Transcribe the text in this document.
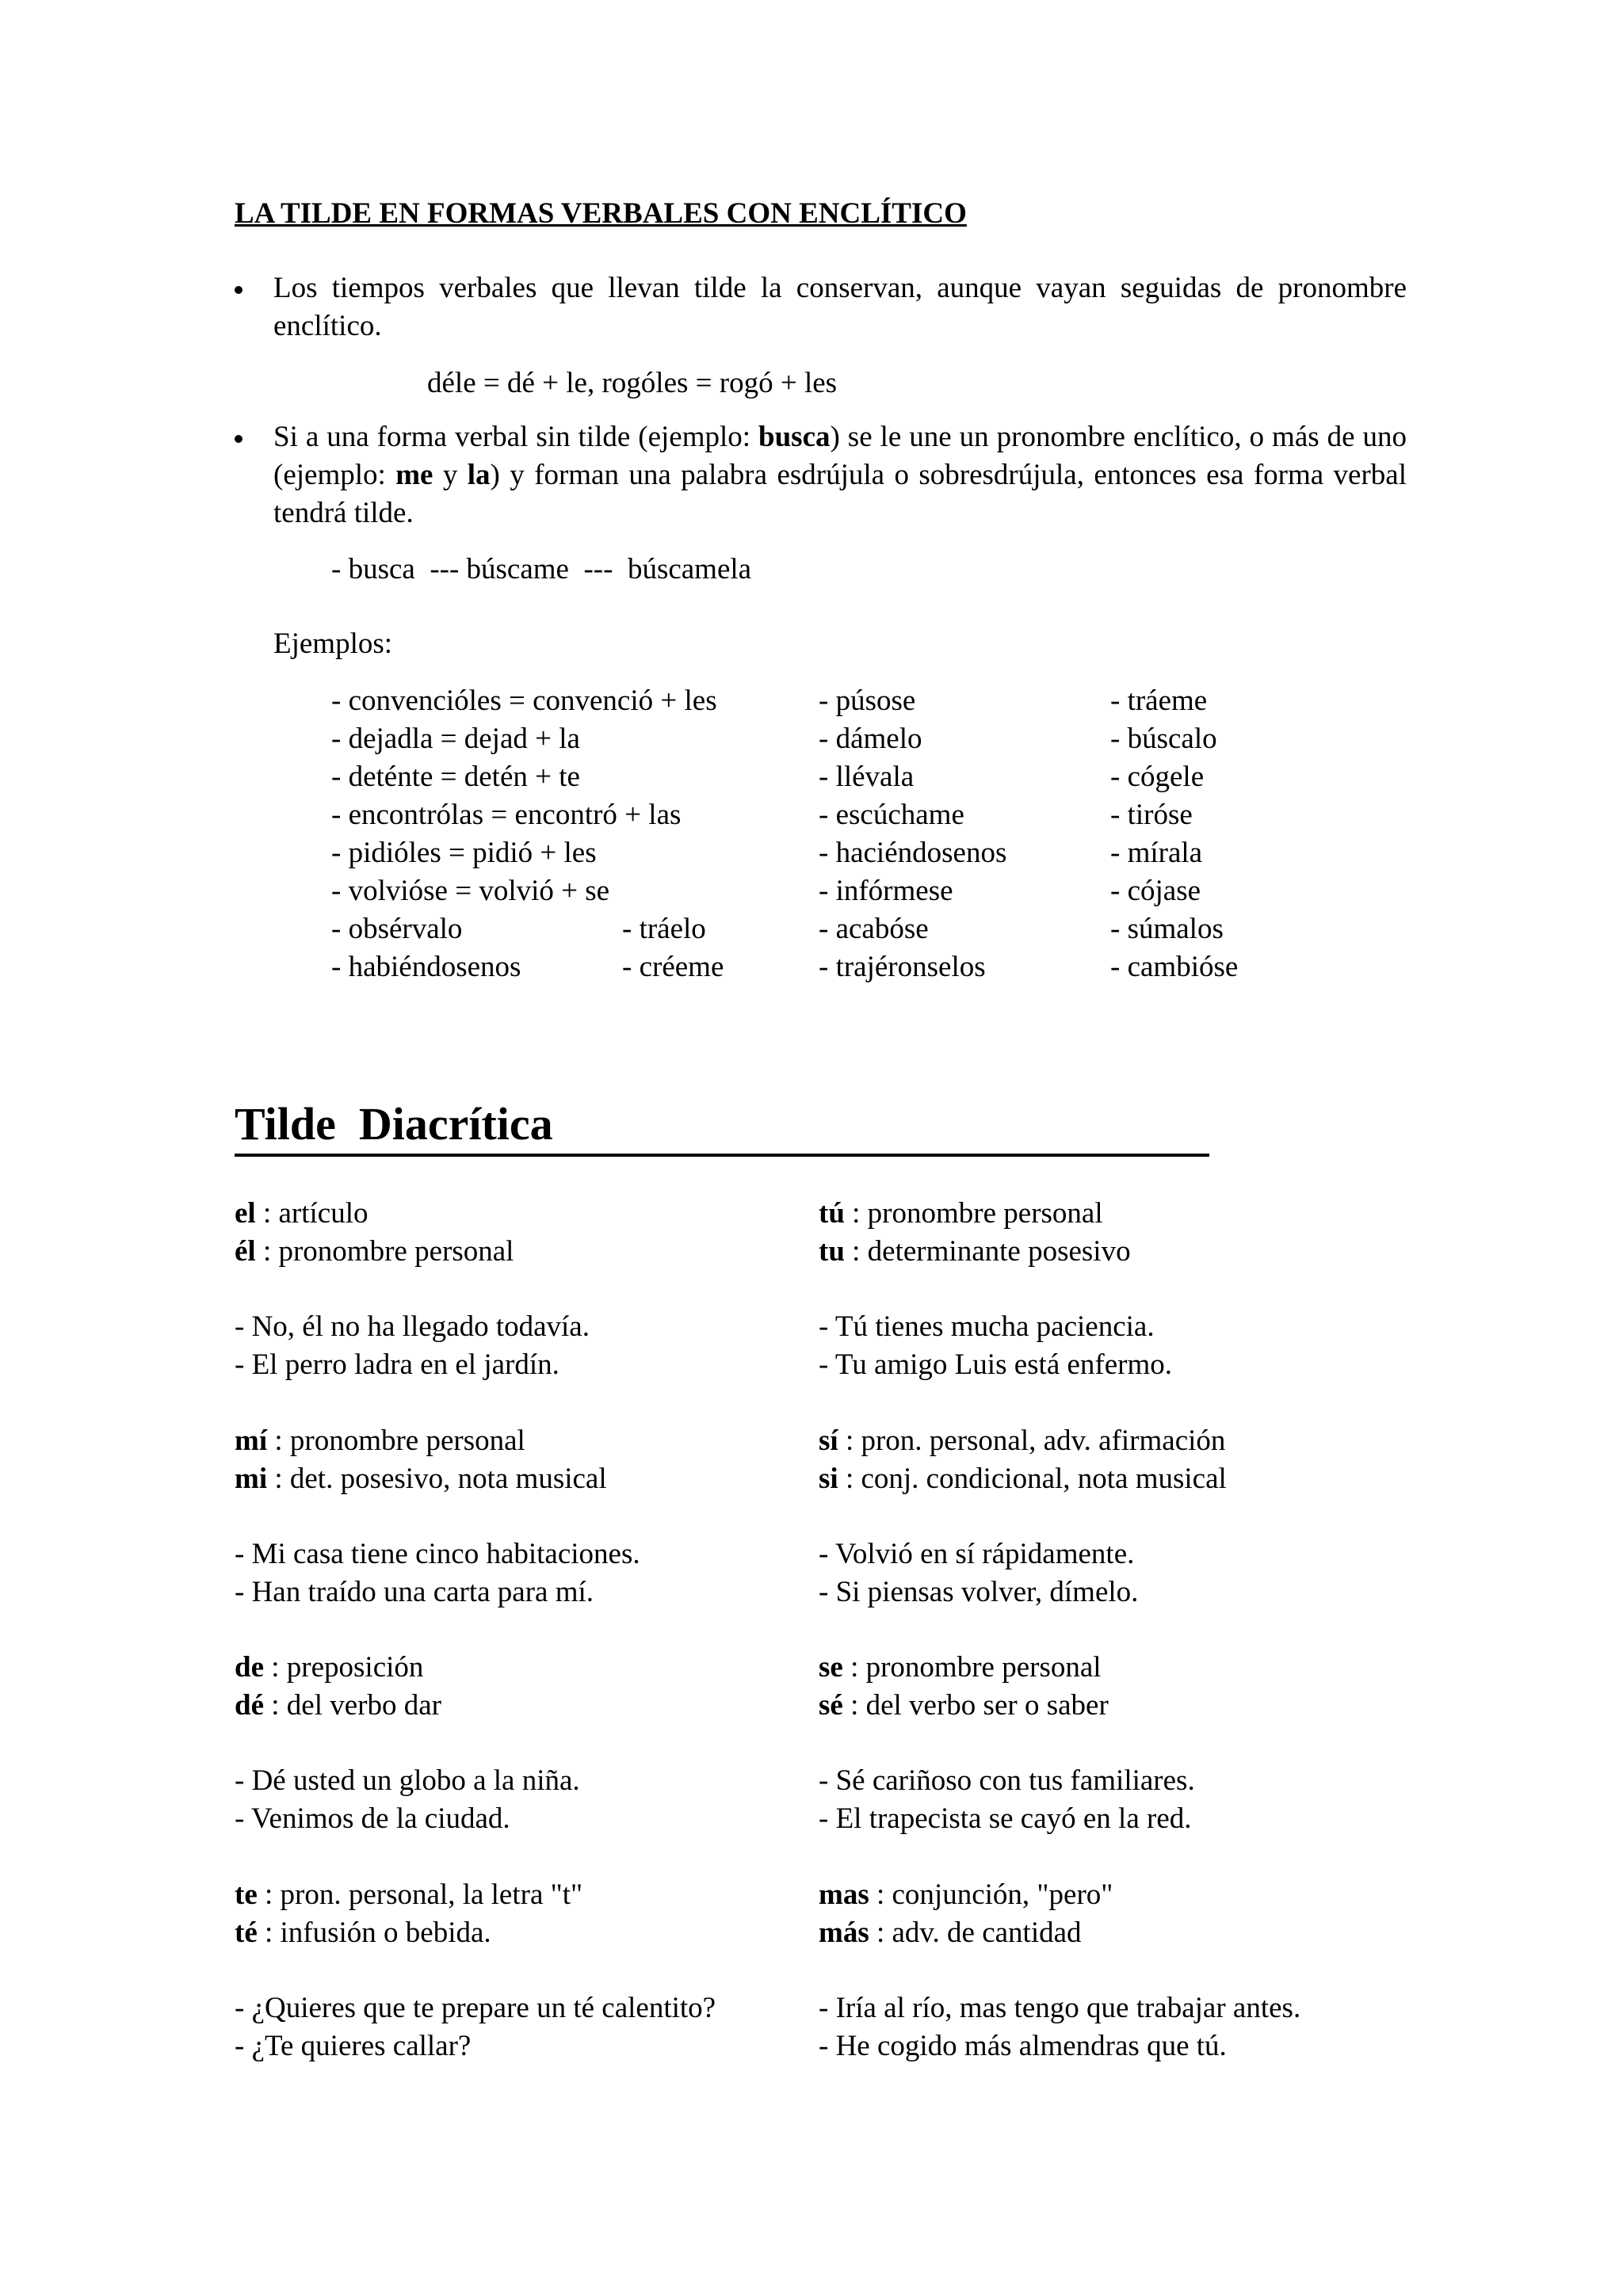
LA TILDE EN FORMAS VERBALES CON ENCLÍTICO
Los tiempos verbales que llevan tilde la conservan, aunque vayan seguidas de pronombre enclítico.
déle = dé + le, rogóles = rogó + les
Si a una forma verbal sin tilde (ejemplo: busca) se le une un pronombre enclítico, o más de uno (ejemplo: me y la) y forman una palabra esdrújula o sobresdrújula, entonces esa forma verbal tendrá tilde.
- busca  --- búscame  ---  búscamela
Ejemplos:
- convencióles = convenció + les
- dejadla = dejad + la
- deténte = detén + te
- encontrólas = encontró + las
- pidióles = pidió + les
- volvióse = volvió + se
- obsérvalo
- habiéndosenos
- tráelo
- créeme
- púsose
- dámelo
- llévala
- escúchame
- haciéndosenos
- infórmese
- acabóse
- trajéronselos
- tráeme
- búscalo
- cógele
- tiróse
- mírala
- cójase
- súmalos
- cambióse
Tilde  Diacrítica
el : artículo
él : pronombre personal
- No, él no ha llegado todavía.
- El perro ladra en el jardín.
mí : pronombre personal
mi : det. posesivo, nota musical
- Mi casa tiene cinco habitaciones.
- Han traído una carta para mí.
de : preposición
dé : del verbo dar
- Dé usted un globo a la niña.
- Venimos de la ciudad.
te : pron. personal, la letra "t"
té : infusión o bebida.
- ¿Quieres que te prepare un té calentito?
- ¿Te quieres callar?
tú : pronombre personal
tu : determinante posesivo
- Tú tienes mucha paciencia.
- Tu amigo Luis está enfermo.
sí : pron. personal, adv. afirmación
si : conj. condicional, nota musical
- Volvió en sí rápidamente.
- Si piensas volver, dímelo.
se : pronombre personal
sé : del verbo ser o saber
- Sé cariñoso con tus familiares.
- El trapecista se cayó en la red.
mas : conjunción, "pero"
más : adv. de cantidad
- Iría al río, mas tengo que trabajar antes.
- He cogido más almendras que tú.
